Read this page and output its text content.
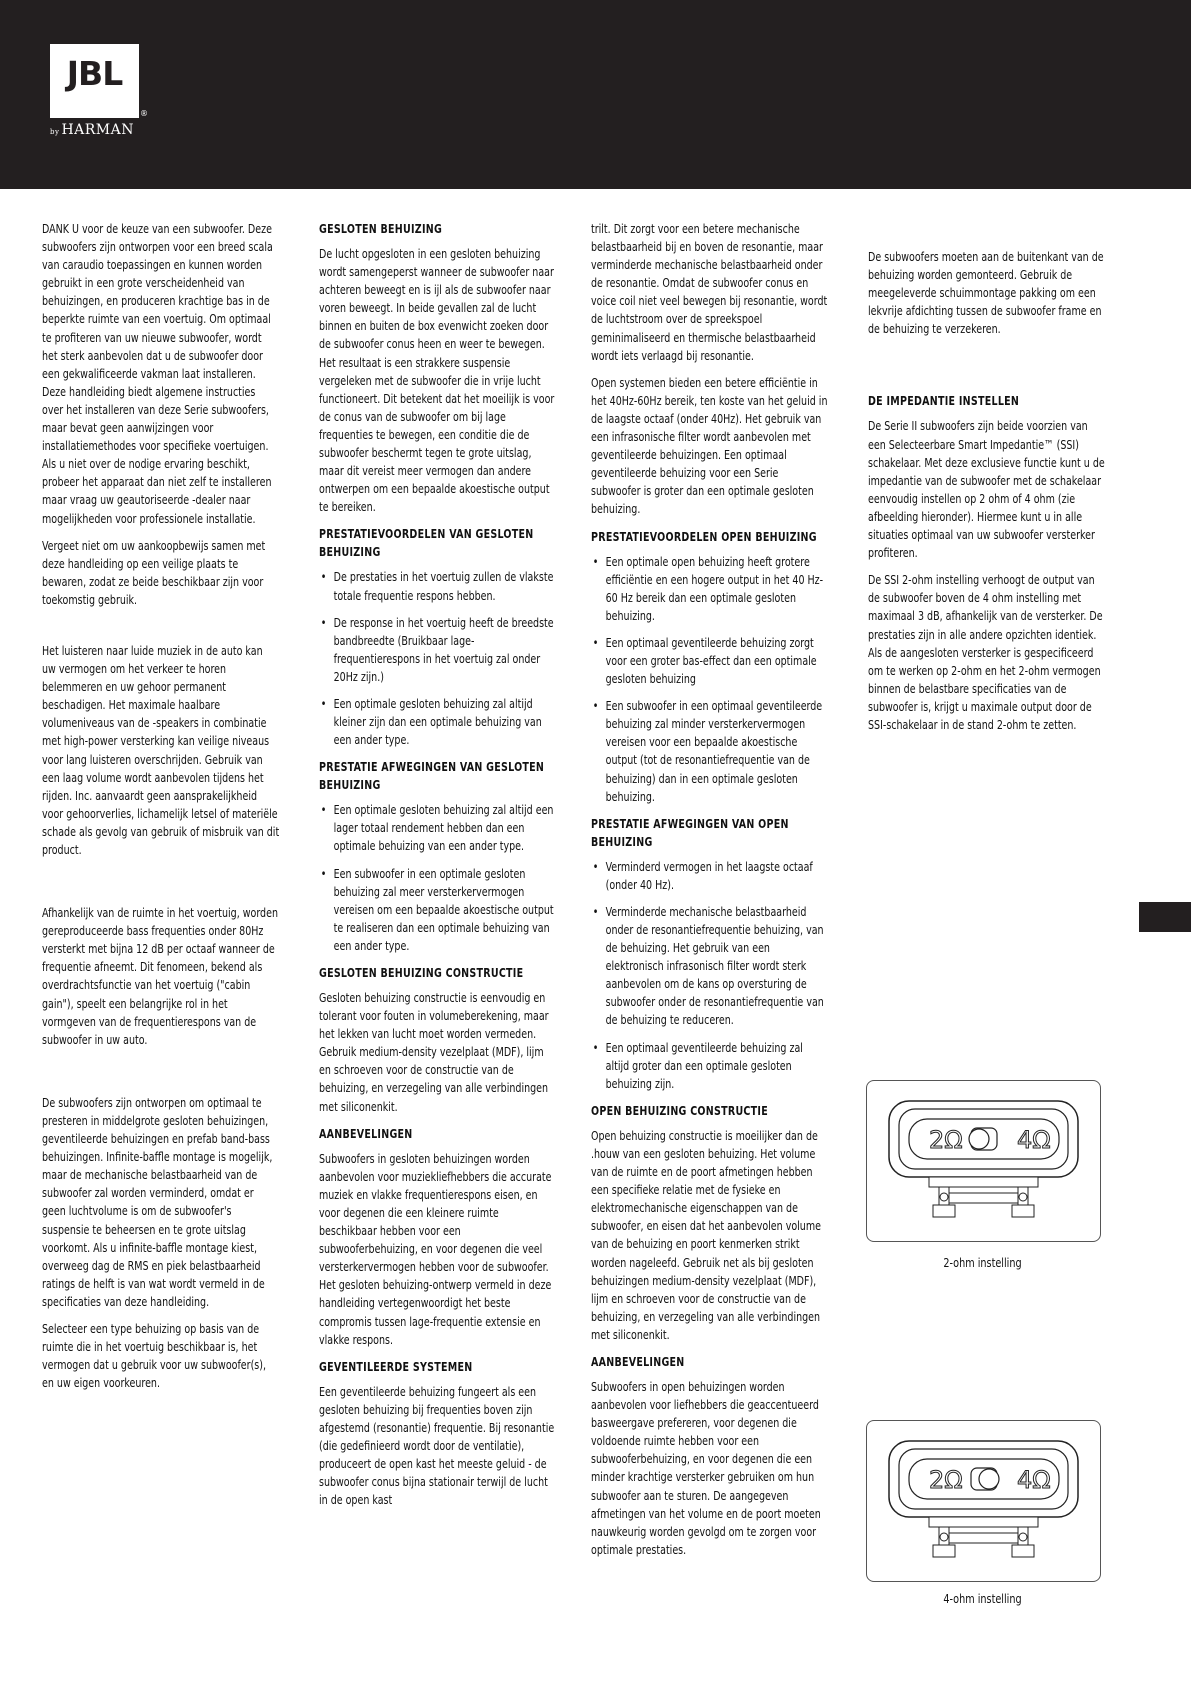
JBL
®
by HARMAN

DANK U voor de keuze van een subwoofer. Deze subwoofers zijn ontworpen voor een breed scala van caraudio toepassingen en kunnen worden gebruikt in een grote verscheidenheid van behuizingen, en produceren krachtige bas in de beperkte ruimte van een voertuig. Om optimaal te profiteren van uw nieuwe subwoofer, wordt het sterk aanbevolen dat u de subwoofer door een gekwalificeerde vakman laat installeren. Deze handleiding biedt algemene instructies over het installeren van deze Serie subwoofers, maar bevat geen aanwijzingen voor installatiemethodes voor specifieke voertuigen. Als u niet over de nodige ervaring beschikt, probeer het apparaat dan niet zelf te installeren maar vraag uw geautoriseerde -dealer naar mogelijkheden voor professionele installatie.

Vergeet niet om uw aankoopbewijs samen met deze handleiding op een veilige plaats te bewaren, zodat ze beide beschikbaar zijn voor toekomstig gebruik.

Het luisteren naar luide muziek in de auto kan uw vermogen om het verkeer te horen belemmeren en uw gehoor permanent beschadigen. Het maximale haalbare volumeniveaus van de -speakers in combinatie met high-power versterking kan veilige niveaus voor lang luisteren overschrijden. Gebruik van een laag volume wordt aanbevolen tijdens het rijden. Inc. aanvaardt geen aansprakelijkheid voor gehoorverlies, lichamelijk letsel of materiële schade als gevolg van gebruik of misbruik van dit product.

Afhankelijk van de ruimte in het voertuig, worden gereproduceerde bass frequenties onder 80Hz versterkt met bijna 12 dB per octaaf wanneer de frequentie afneemt. Dit fenomeen, bekend als overdrachtsfunctie van het voertuig ("cabin gain"), speelt een belangrijke rol in het vormgeven van de frequentierespons van de subwoofer in uw auto.

De subwoofers zijn ontworpen om optimaal te presteren in middelgrote gesloten behuizingen, geventileerde behuizingen en prefab band-bass behuizingen. Infinite-baffle montage is mogelijk, maar de mechanische belastbaarheid van de subwoofer zal worden verminderd, omdat er geen luchtvolume is om de subwoofer's suspensie te beheersen en te grote uitslag voorkomt. Als u infinite-baffle montage kiest, overweeg dag de RMS en piek belastbaarheid ratings de helft is van wat wordt vermeld in de specificaties van deze handleiding.

Selecteer een type behuizing op basis van de ruimte die in het voertuig beschikbaar is, het vermogen dat u gebruik voor uw subwoofer(s), en uw eigen voorkeuren.

GESLOTEN BEHUIZING

De lucht opgesloten in een gesloten behuizing wordt samengeperst wanneer de subwoofer naar achteren beweegt en is ijl als de subwoofer naar voren beweegt. In beide gevallen zal de lucht binnen en buiten de box evenwicht zoeken door de subwoofer conus heen en weer te bewegen. Het resultaat is een strakkere suspensie vergeleken met de subwoofer die in vrije lucht functioneert. Dit betekent dat het moeilijk is voor de conus van de subwoofer om bij lage frequenties te bewegen, een conditie die de subwoofer beschermt tegen te grote uitslag, maar dit vereist meer vermogen dan andere ontwerpen om een bepaalde akoestische output te bereiken.

PRESTATIEVOORDELEN VAN GESLOTEN BEHUIZING
• De prestaties in het voertuig zullen de vlakste totale frequentie respons hebben.
• De response in het voertuig heeft de breedste bandbreedte (Bruikbaar lage-frequentierespons in het voertuig zal onder 20Hz zijn.)
• Een optimale gesloten behuizing zal altijd kleiner zijn dan een optimale behuizing van een ander type.
PRESTATIE AFWEGINGEN VAN GESLOTEN BEHUIZING
• Een optimale gesloten behuizing zal altijd een lager totaal rendement hebben dan een optimale behuizing van een ander type.
• Een subwoofer in een optimale gesloten behuizing zal meer versterkervermogen vereisen om een bepaalde akoestische output te realiseren dan een optimale behuizing van een ander type.
GESLOTEN BEHUIZING CONSTRUCTIE

Gesloten behuizing constructie is eenvoudig en tolerant voor fouten in volumeberekening, maar het lekken van lucht moet worden vermeden. Gebruik medium-density vezelplaat (MDF), lijm en schroeven voor de constructie van de behuizing, en verzegeling van alle verbindingen met siliconenkit.

AANBEVELINGEN

Subwoofers in gesloten behuizingen worden aanbevolen voor muziekliefhebbers die accurate muziek en vlakke frequentierespons eisen, en voor degenen die een kleinere ruimte beschikbaar hebben voor een subwooferbehuizing, en voor degenen die veel versterkervermogen hebben voor de subwoofer. Het gesloten behuizing-ontwerp vermeld in deze handleiding vertegenwoordigt het beste compromis tussen lage-frequentie extensie en vlakke respons.

GEVENTILEERDE SYSTEMEN

Een geventileerde behuizing fungeert als een gesloten behuizing bij frequenties boven zijn afgestemd (resonantie) frequentie. Bij resonantie (die gedefinieerd wordt door de ventilatie), produceert de open kast het meeste geluid - de subwoofer conus bijna stationair terwijl de lucht in de open kast

trilt. Dit zorgt voor een betere mechanische belastbaarheid bij en boven de resonantie, maar verminderde mechanische belastbaarheid onder de resonantie. Omdat de subwoofer conus en voice coil niet veel bewegen bij resonantie, wordt de luchtstroom over de spreekspoel geminimaliseerd en thermische belastbaarheid wordt iets verlaagd bij resonantie.

Open systemen bieden een betere efficiëntie in het 40Hz-60Hz bereik, ten koste van het geluid in de laagste octaaf (onder 40Hz). Het gebruik van een infrasonische filter wordt aanbevolen met geventileerde behuizingen. Een optimaal geventileerde behuizing voor een Serie subwoofer is groter dan een optimale gesloten behuizing.

PRESTATIEVOORDELEN OPEN BEHUIZING
• Een optimale open behuizing heeft grotere efficiëntie en een hogere output in het 40 Hz-60 Hz bereik dan een optimale gesloten behuizing.
• Een optimaal geventileerde behuizing zorgt voor een groter bas-effect dan een optimale gesloten behuizing
• Een subwoofer in een optimaal geventileerde behuizing zal minder versterkervermogen vereisen voor een bepaalde akoestische output (tot de resonantiefrequentie van de behuizing) dan in een optimale gesloten behuizing.
PRESTATIE AFWEGINGEN VAN OPEN BEHUIZING
• Verminderd vermogen in het laagste octaaf (onder 40 Hz).
• Verminderde mechanische belastbaarheid onder de resonantiefrequentie behuizing, van de behuizing. Het gebruik van een elektronisch infrasonisch filter wordt sterk aanbevolen om de kans op oversturing de subwoofer onder de resonantiefrequentie van de behuizing te reduceren.
• Een optimaal geventileerde behuizing zal altijd groter dan een optimale gesloten behuizing zijn.
OPEN BEHUIZING CONSTRUCTIE

Open behuizing constructie is moeilijker dan de .houw van een gesloten behuizing. Het volume van de ruimte en de poort afmetingen hebben een specifieke relatie met de fysieke en elektromechanische eigenschappen van de subwoofer, en eisen dat het aanbevolen volume van de behuizing en poort kenmerken strikt worden nageleefd. Gebruik net als bij gesloten behuizingen medium-density vezelplaat (MDF), lijm en schroeven voor de constructie van de behuizing, en verzegeling van alle verbindingen met siliconenkit.

AANBEVELINGEN

Subwoofers in open behuizingen worden aanbevolen voor liefhebbers die geaccentueerd basweergave prefereren, voor degenen die voldoende ruimte hebben voor een subwooferbehuizing, en voor degenen die een minder krachtige versterker gebruiken om hun subwoofer aan te sturen. De aangegeven afmetingen van het volume en de poort moeten nauwkeurig worden gevolgd om te zorgen voor optimale prestaties.

De subwoofers moeten aan de buitenkant van de behuizing worden gemonteerd. Gebruik de meegeleverde schuimmontage pakking om een lekvrije afdichting tussen de subwoofer frame en de behuizing te verzekeren.

DE IMPEDANTIE INSTELLEN

De Serie II subwoofers zijn beide voorzien van een Selecteerbare Smart Impedantie™ (SSI) schakelaar. Met deze exclusieve functie kunt u de impedantie van de subwoofer met de schakelaar eenvoudig instellen op 2 ohm of 4 ohm (zie afbeelding hieronder). Hiermee kunt u in alle situaties optimaal van uw subwoofer versterker profiteren.

De SSI 2-ohm instelling verhoogt de output van de subwoofer boven de 4 ohm instelling met maximaal 3 dB, afhankelijk van de versterker. De prestaties zijn in alle andere opzichten identiek. Als de aangesloten versterker is gespecificeerd om te werken op 2-ohm en het 2-ohm vermogen binnen de belastbare specificaties van de subwoofer is, krijgt u maximale output door de SSI-schakelaar in de stand 2-ohm te zetten.

2Ω 4Ω
2-ohm instelling
2Ω 4Ω
4-ohm instelling
